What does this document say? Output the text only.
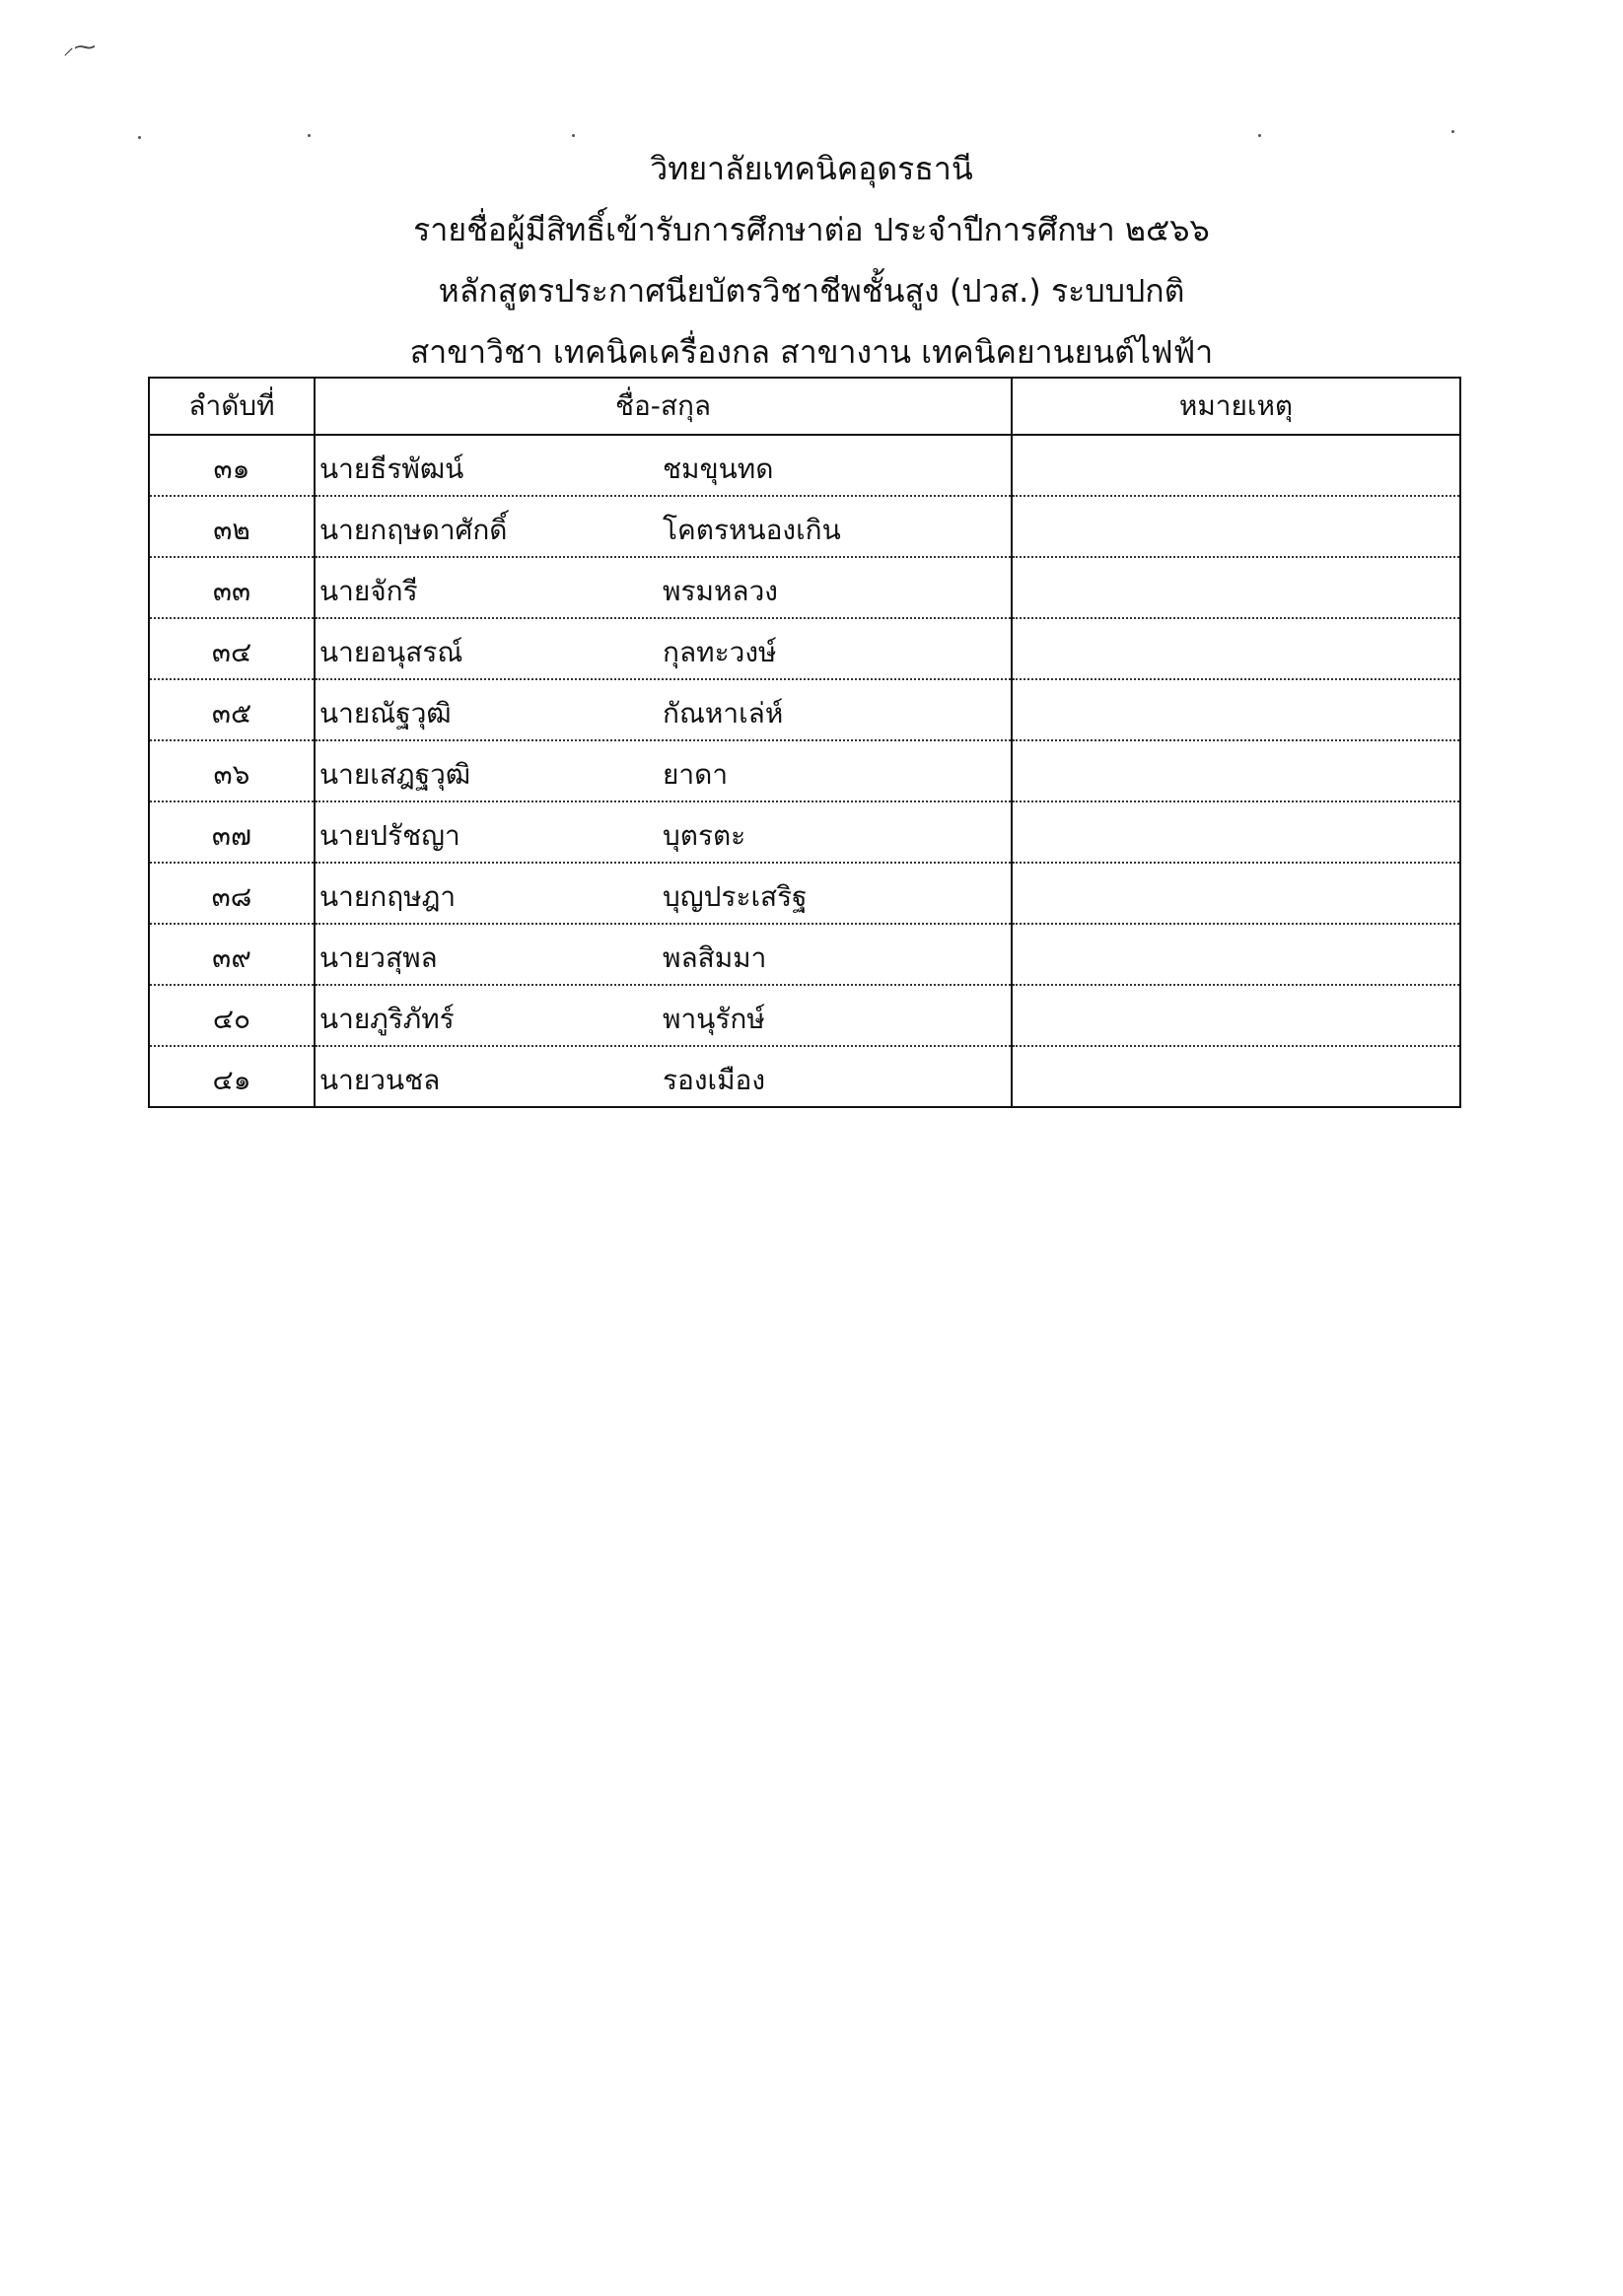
⸝⁓
วิทยาลัยเทคนิคอุดรธานี
รายชื่อผู้มีสิทธิ์เข้ารับการศึกษาต่อ ประจำปีการศึกษา ๒๕๖๖
หลักสูตรประกาศนียบัตรวิชาชีพชั้นสูง (ปวส.) ระบบปกติ
สาขาวิชา เทคนิคเครื่องกล สาขางาน เทคนิคยานยนต์ไฟฟ้า
ลำดับที่	ชื่อ-สกุล	หมายเหตุ
๓๑	นายธีรพัฒน์ ชมขุนทด	

๓๒	นายกฤษดาศักดิ์ โคตรหนองเกิน	

๓๓	นายจักรี พรมหลวง	

๓๔	นายอนุสรณ์ กุลทะวงษ์	

๓๕	นายณัฐวุฒิ กัณหาเล่ห์	

๓๖	นายเสฎฐวุฒิ ยาดา	

๓๗	นายปรัชญา บุตรตะ	

๓๘	นายกฤษฎา บุญประเสริฐ	

๓๙	นายวสุพล พลสิมมา	

๔๐	นายภูริภัทร์ พานุรักษ์	

๔๑	นายวนชล รองเมือง	
